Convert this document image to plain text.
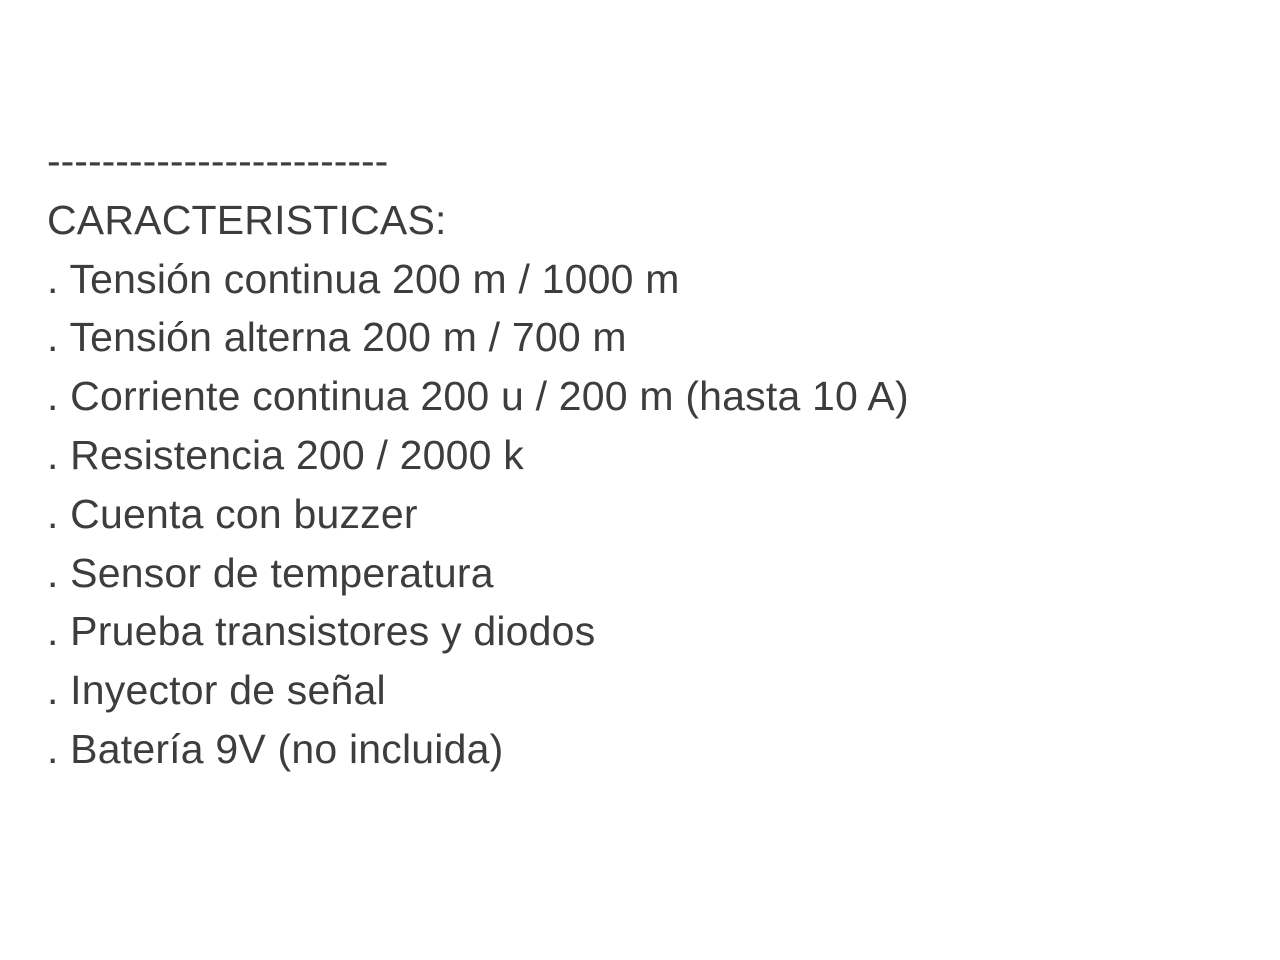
-------------------------

CARACTERISTICAS:

. Tensión continua 200 m / 1000 m

. Tensión alterna 200 m / 700 m

. Corriente continua 200 u / 200 m (hasta 10 A)

. Resistencia 200 / 2000 k

. Cuenta con buzzer

. Sensor de temperatura

. Prueba transistores y diodos

. Inyector de señal

. Batería 9V (no incluida)
